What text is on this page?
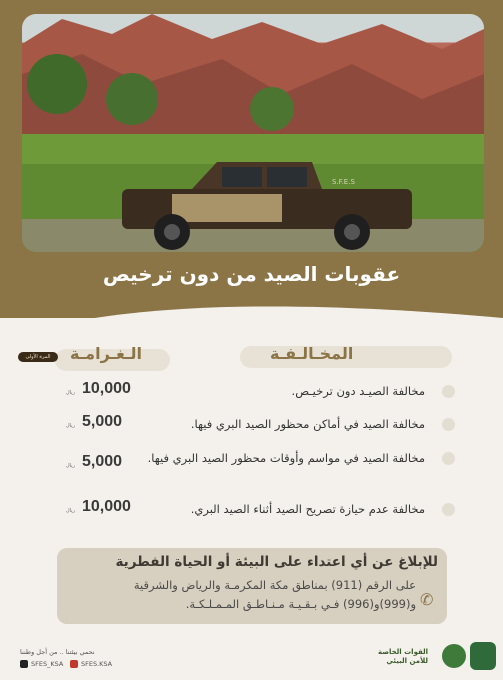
S.F.E.S
عقوبات الصيد من دون ترخيص
المخـالـفـة
الـغـرامـة
المرة الأولى
مخالفة الصيـد دون ترخيـص.
10,000
ريال
مخالفة الصيد في أماكن محظور الصيد البري فيها.
5,000
ريال
مخالفة الصيد في مواسم وأوقات محظور الصيد البري فيها.
5,000
ريال
مخالفة عدم حيازة تصريح الصيد أثناء الصيد البري.
10,000
ريال
للإبلاغ عن أي اعتداء على البيئة أو الحياة الفطرية
على الرقم (911) بمناطق مكة المكرمـة والرياض والشرقية و(999)و(996) فـي بـقـيـة مـنـاطـق المـمـلـكـة. ✆
نحمي بيئتنا .. من أجل وطننا
SFES_KSA	SFES.KSA
القوات الخاصة
للأمن البيئي
